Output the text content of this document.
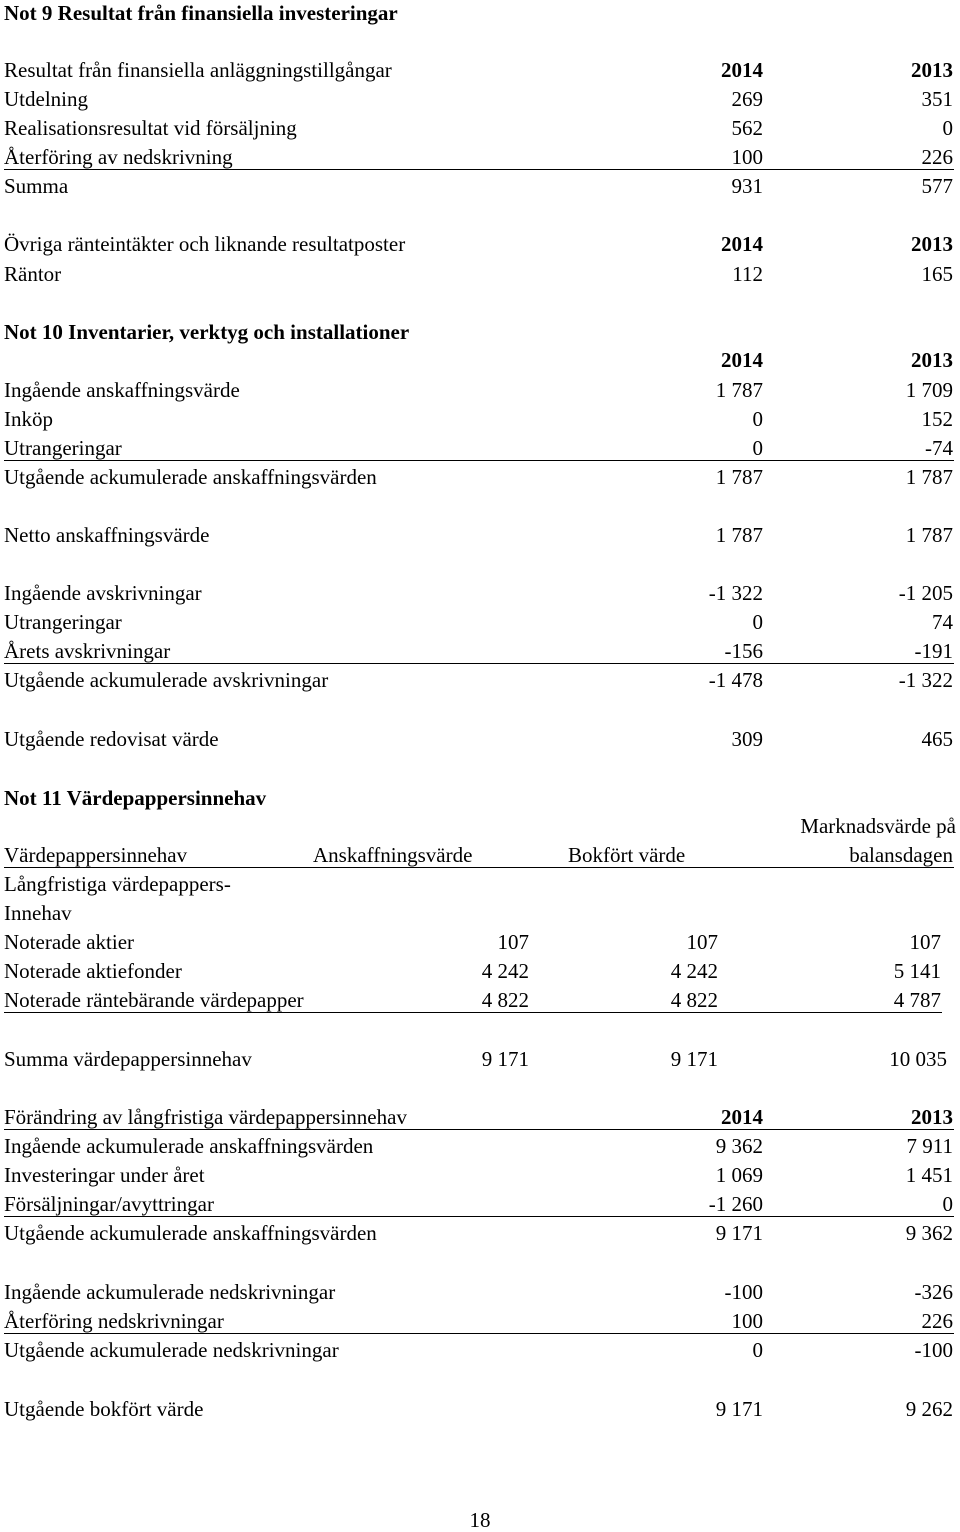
Not 9 Resultat från finansiella investeringar
Resultat från finansiella anläggningstillgångar	2014	2013
Utdelning	269	351
Realisationsresultat vid försäljning	562	0
Återföring av nedskrivning	100	226
Summa	931	577
Övriga ränteintäkter och liknande resultatposter	2014	2013
Räntor	112	165
Not 10 Inventarier, verktyg och installationer
2014	2013
Ingående anskaffningsvärde	1 787	1 709
Inköp	0	152
Utrangeringar	0	-74
Utgående ackumulerade anskaffningsvärden	1 787	1 787
Netto anskaffningsvärde	1 787	1 787
Ingående avskrivningar	-1 322	-1 205
Utrangeringar	0	74
Årets avskrivningar	-156	-191
Utgående ackumulerade avskrivningar	-1 478	-1 322
Utgående redovisat värde	309	465
Not 11 Värdepappersinnehav
Marknadsvärde på
Värdepappersinnehav	Anskaffningsvärde	Bokfört värde	balansdagen
Långfristiga värdepappers-
Innehav
Noterade aktier	107	107	107
Noterade aktiefonder	4 242	4 242	5 141
Noterade räntebärande värdepapper	4 822	4 822	4 787
Summa värdepappersinnehav	9 171	9 171	10 035
Förändring av långfristiga värdepappersinnehav	2014	2013
Ingående ackumulerade anskaffningsvärden	9 362	7 911
Investeringar under året	1 069	1 451
Försäljningar/avyttringar	-1 260	0
Utgående ackumulerade anskaffningsvärden	9 171	9 362
Ingående ackumulerade nedskrivningar	-100	-326
Återföring nedskrivningar	100	226
Utgående ackumulerade nedskrivningar	0	-100
Utgående bokfört värde	9 171	9 262
18
